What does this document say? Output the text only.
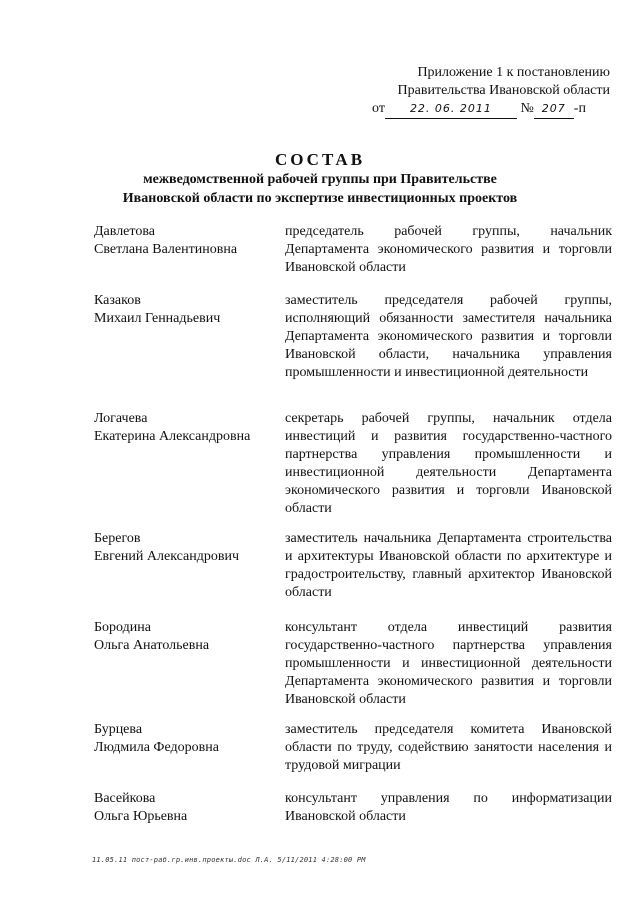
Приложение 1 к постановлению
Правительства Ивановской области
от 22. 06. 2011 № 207 -п
СОСТАВ
межведомственной рабочей группы при Правительстве
Ивановской области по экспертизе инвестиционных проектов
Давлетова
Светлана Валентиновна
председатель рабочей группы, начальник Департамента экономического развития и торговли Ивановской области
Казаков
Михаил Геннадьевич
заместитель председателя рабочей группы, исполняющий обязанности заместителя начальника Департамента экономического развития и торговли Ивановской области, начальника управления промышленности и инвестиционной деятельности
Логачева
Екатерина Александровна
секретарь рабочей группы, начальник отдела инвестиций и развития государственно-частного партнерства управления промышленности и инвестиционной деятельности Департамента экономического развития и торговли Ивановской области
Берегов
Евгений Александрович
заместитель начальника Департамента строительства и архитектуры Ивановской области по архитектуре и градостроительству, главный архитектор Ивановской области
Бородина
Ольга Анатольевна
консультант отдела инвестиций развития государственно-частного партнерства управления промышленности и инвестиционной деятельности Департамента экономического развития и торговли Ивановской области
Бурцева
Людмила Федоровна
заместитель председателя комитета Ивановской области по труду, содействию занятости населения и трудовой миграции
Васейкова
Ольга Юрьевна
консультант управления по информатизации Ивановской области
11.05.11 пост-раб.гр.инв.проекты.doc Л.А. 5/11/2011 4:28:00 PM
